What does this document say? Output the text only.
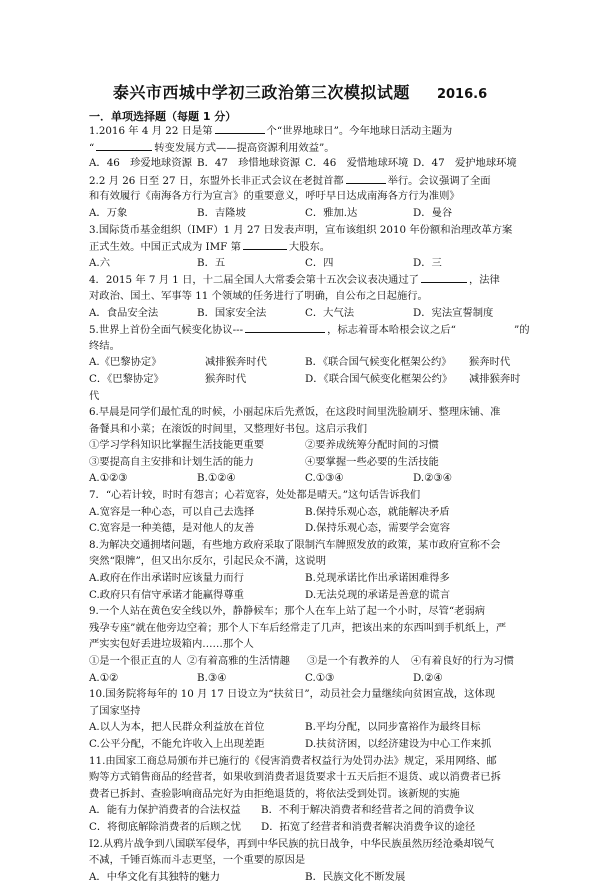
泰兴市西城中学初三政治第三次模拟试题 2016.6
一．单项选择题（每题 1 分）
1.2016 年 4 月 22 日是第	个“世界地球日”。今年地球日活动主题为
“	转变发展方式——提高资源利用效益”。
A．46　珍爱地球资源 B．47　珍惜地球资源 C．46　爱惜地球环境 D．47　爱护地球环境
2.2 月 26 日至 27 日，东盟外长非正式会议在老挝首都	举行。会议强调了全面
和有效履行《南海各方行为宣言》的重要意义，呼吁早日达成南海各方行为准则》
A．万象	B．吉隆坡	C．雅加.达	D．曼谷
3.国际货币基金组织（IMF）1 月 27 日发表声明，宣布该组织 2010 年份额和治理改革方案
正式生效。中国正式成为 IMF 第	大股东。
A.六	B．五	C．四	D．三
4．2015 年 7 月 1 日，十二届全国人大常委会第十五次会议表决通过了	，法律
对政治、国土、军事等 11 个领域的任务进行了明确，自公布之日起施行。
A．食品安全法	B．国家安全法	C．大气法	D．宪法宣誓制度
5.世界上首份全面气候变化协议---	，标志着哥本哈根会议之后“	”的
终结。
A.《巴黎协定》	减排猴奔时代	B．《联合国气候变化框架公约》	猴奔时代
C．《巴黎协定》	猴奔时代	D．《联合国气候变化框架公约》	减排猴奔时
代
6.早晨是同学们最忙乱的时候，小丽起床后先煮饭，在这段时间里洗脸刷牙、整理床铺、准
备餐具和小菜；在滚饭的时间里，又整理好书包。这启示我们
①学习学科知识比掌握生活技能更重要	②要养成统筹分配时间的习惯
③要提高自主安排和计划生活的能力	④要掌握一些必要的生活技能
A.①②③	B.①②④	C.①③④	D.②③④
7．“心若计较，时时有怨言；心若宽容，处处都是晴天。”这句话告诉我们
A.宽容是一种心态，可以自己去选择	B.保持乐观心态，就能解决矛盾
C.宽容是一种美德，是对他人的友善	D.保持乐观心态，需要学会宽容
8.为解决交通拥堵问题，有些地方政府采取了限制汽车牌照发放的政策，某市政府宣称不会
突然“限牌”，但又出尔反尔，引起民众不满，这说明
A.政府在作出承诺时应该量力而行	B.兑现承诺比作出承诺困难得多
C.政府只有信守承诺才能赢得尊重	D.无法兑现的承诺是善意的谎言
9.一个人站在黄色安全线以外，静静候车；那个人在车上站了起一个小时，尽管“老弱病
残孕专座”就在他旁边空着；那个人下车后经常走了几声，把该出来的东西叫到手机纸上，严
严实实包好丢进垃圾箱内……那个人
①是一个很正直的人 ②有着高雅的生活情趣	③是一个有教养的人	④有着良好的行为习惯
A.①②	B.③④	C.①③	D.②④
10.国务院将每年的 10 月 17 日设立为“扶贫日”，动员社会力量继续向贫困宣战，这体现
了国家坚持
A.以人为本，把人民群众利益放在首位	B.平均分配，以同步富裕作为最终目标
C.公平分配，不能允许收入上出现差距	D.扶贫济困，以经济建设为中心工作来抓
11.由国家工商总局颁布并已施行的《侵害消费者权益行为处罚办法》规定，采用网络、邮
购等方式销售商品的经营者，如果收到消费者退货要求十五天后拒不退货、或以消费者已拆
费者已拆封、查验影响商品完好为由拒绝退货的，将依法受到处罚。该新规的实施
A．能有力保护消费者的合法权益	B．不利于解决消费者和经营者之间的消费争议
C．将彻底解除消费者的后顾之忧	D．拓宽了经营者和消费者解决消费争议的途径
I2.从鸦片战争到八国联军侵华，再到中华民族的抗日战争，中华民族虽然历经沧桑却锐气
不减，千锤百炼而斗志更坚，一个重要的原因是
A．中华文化有其独特的魅力	B．民族文化不断发展
